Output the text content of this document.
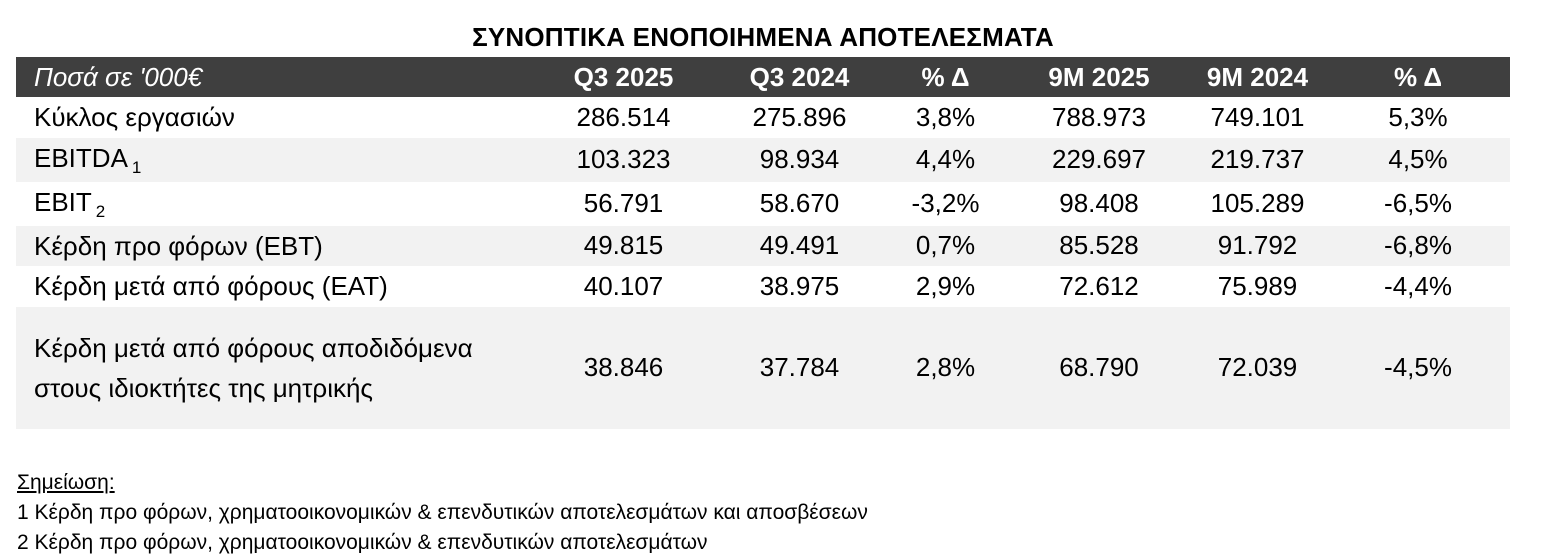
ΣΥΝΟΠΤΙΚΑ ΕΝΟΠΟΙΗΜΕΝΑ ΑΠΟΤΕΛΕΣΜΑΤΑ
Ποσά σε '000€	Q3 2025	Q3 2024	% Δ	9M 2025	9M 2024	% Δ
Κύκλος εργασιών	286.514	275.896	3,8%	788.973	749.101	5,3%
EBITDA $_1$	103.323	98.934	4,4%	229.697	219.737	4,5%
EBIT $_2$	56.791	58.670	-3,2%	98.408	105.289	-6,5%
Κέρδη προ φόρων (EBT)	49.815	49.491	0,7%	85.528	91.792	-6,8%
Κέρδη μετά από φόρους (EAT)	40.107	38.975	2,9%	72.612	75.989	-4,4%
Κέρδη μετά από φόρους αποδιδόμενα στους ιδιοκτήτες της μητρικής	38.846	37.784	2,8%	68.790	72.039	-4,5%
Σημείωση:
1 Κέρδη προ φόρων, χρηματοοικονομικών & επενδυτικών αποτελεσμάτων και αποσβέσεων
2 Κέρδη προ φόρων, χρηματοοικονομικών & επενδυτικών αποτελεσμάτων
